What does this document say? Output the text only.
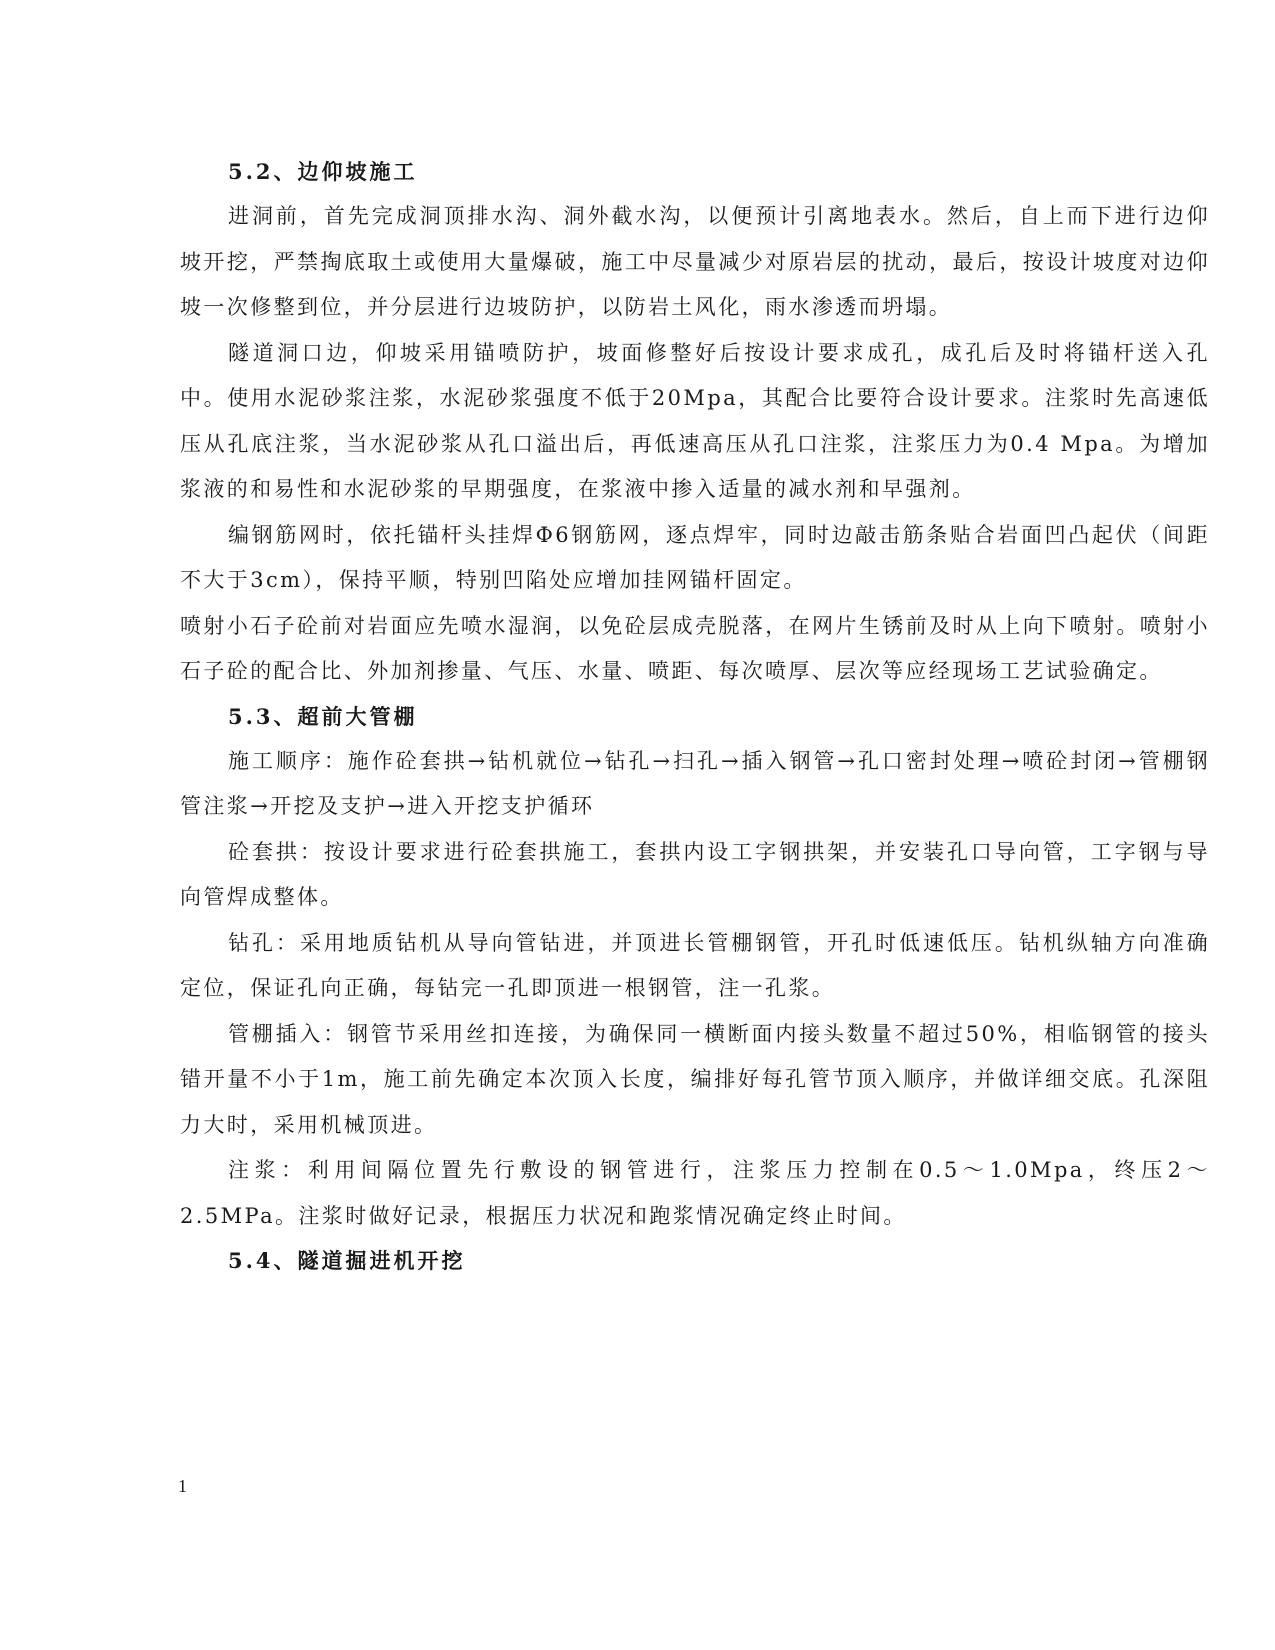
5.2、边仰坡施工

进洞前，首先完成洞顶排水沟、洞外截水沟，以便预计引离地表水。然后，自上而下进行边仰坡开挖，严禁掏底取土或使用大量爆破，施工中尽量减少对原岩层的扰动，最后，按设计坡度对边仰坡一次修整到位，并分层进行边坡防护，以防岩土风化，雨水渗透而坍塌。

隧道洞口边，仰坡采用锚喷防护，坡面修整好后按设计要求成孔，成孔后及时将锚杆送入孔中。使用水泥砂浆注浆，水泥砂浆强度不低于20Mpa，其配合比要符合设计要求。注浆时先高速低压从孔底注浆，当水泥砂浆从孔口溢出后，再低速高压从孔口注浆，注浆压力为0.4 Mpa。为增加浆液的和易性和水泥砂浆的早期强度，在浆液中掺入适量的减水剂和早强剂。

编钢筋网时，依托锚杆头挂焊Φ6钢筋网，逐点焊牢，同时边敲击筋条贴合岩面凹凸起伏（间距不大于3cm），保持平顺，特别凹陷处应增加挂网锚杆固定。

喷射小石子砼前对岩面应先喷水湿润，以免砼层成壳脱落，在网片生锈前及时从上向下喷射。喷射小石子砼的配合比、外加剂掺量、气压、水量、喷距、每次喷厚、层次等应经现场工艺试验确定。

5.3、超前大管棚

施工顺序：施作砼套拱→钻机就位→钻孔→扫孔→插入钢管→孔口密封处理→喷砼封闭→管棚钢管注浆→开挖及支护→进入开挖支护循环

砼套拱：按设计要求进行砼套拱施工，套拱内设工字钢拱架，并安装孔口导向管，工字钢与导向管焊成整体。

钻孔：采用地质钻机从导向管钻进，并顶进长管棚钢管，开孔时低速低压。钻机纵轴方向准确定位，保证孔向正确，每钻完一孔即顶进一根钢管，注一孔浆。

管棚插入：钢管节采用丝扣连接，为确保同一横断面内接头数量不超过50%，相临钢管的接头错开量不小于1m，施工前先确定本次顶入长度，编排好每孔管节顶入顺序，并做详细交底。孔深阻力大时，采用机械顶进。

注浆：利用间隔位置先行敷设的钢管进行，注浆压力控制在0.5～1.0Mpa，终压2～2.5MPa。注浆时做好记录，根据压力状况和跑浆情况确定终止时间。

5.4、隧道掘进机开挖
1
